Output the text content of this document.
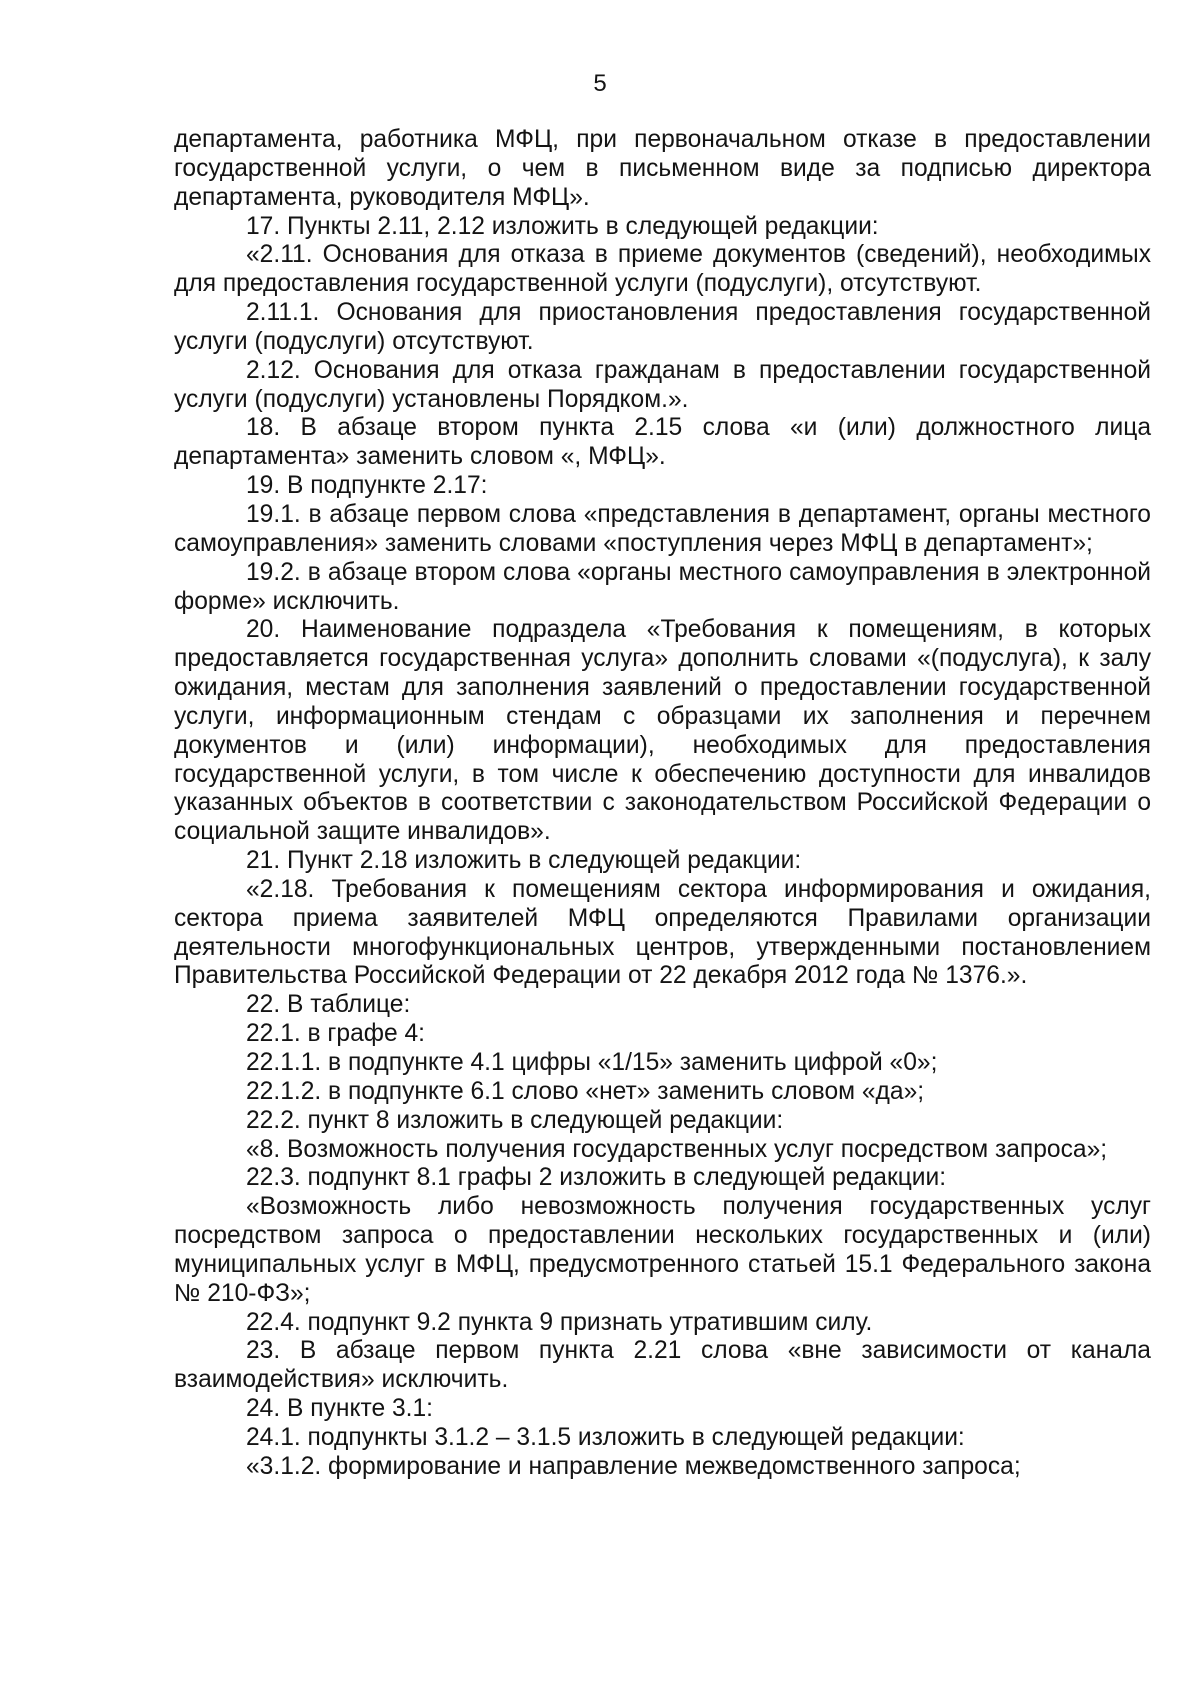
5

департамента, работника МФЦ, при первоначальном отказе в предоставлении государственной услуги, о чем в письменном виде за подписью директора департамента, руководителя МФЦ».

17. Пункты 2.11, 2.12 изложить в следующей редакции:

«2.11. Основания для отказа в приеме документов (сведений), необходимых для предоставления государственной услуги (подуслуги), отсутствуют.

2.11.1. Основания для приостановления предоставления государственной услуги (подуслуги) отсутствуют.

2.12. Основания для отказа гражданам в предоставлении государственной услуги (подуслуги) установлены Порядком.».

18. В абзаце втором пункта 2.15 слова «и (или) должностного лица департамента» заменить словом «, МФЦ».

19. В подпункте 2.17:

19.1. в абзаце первом слова «представления в департамент, органы местного самоуправления» заменить словами «поступления через МФЦ в департамент»;

19.2. в абзаце втором слова «органы местного самоуправления в электронной форме» исключить.

20. Наименование подраздела «Требования к помещениям, в которых предоставляется государственная услуга» дополнить словами «(подуслуга), к залу ожидания, местам для заполнения заявлений о предоставлении государственной услуги, информационным стендам с образцами их заполнения и перечнем документов и (или) информации), необходимых для предоставления государственной услуги, в том числе к обеспечению доступности для инвалидов указанных объектов в соответствии с законодательством Российской Федерации о социальной защите инвалидов».

21. Пункт 2.18 изложить в следующей редакции:

«2.18. Требования к помещениям сектора информирования и ожидания, сектора приема заявителей МФЦ определяются Правилами организации деятельности многофункциональных центров, утвержденными постановлением Правительства Российской Федерации от 22 декабря 2012 года № 1376.».

22. В таблице:

22.1. в графе 4:

22.1.1. в подпункте 4.1 цифры «1/15» заменить цифрой «0»;

22.1.2. в подпункте 6.1 слово «нет» заменить словом «да»;

22.2. пункт 8 изложить в следующей редакции:

«8. Возможность получения государственных услуг посредством запроса»;

22.3. подпункт 8.1 графы 2 изложить в следующей редакции:

«Возможность либо невозможность получения государственных услуг посредством запроса о предоставлении нескольких государственных и (или) муниципальных услуг в МФЦ, предусмотренного статьей 15.1 Федерального закона № 210-ФЗ»;

22.4. подпункт 9.2 пункта 9 признать утратившим силу.

23. В абзаце первом пункта 2.21 слова «вне зависимости от канала взаимодействия» исключить.

24. В пункте 3.1:

24.1. подпункты 3.1.2 – 3.1.5 изложить в следующей редакции:

«3.1.2. формирование и направление межведомственного запроса;
